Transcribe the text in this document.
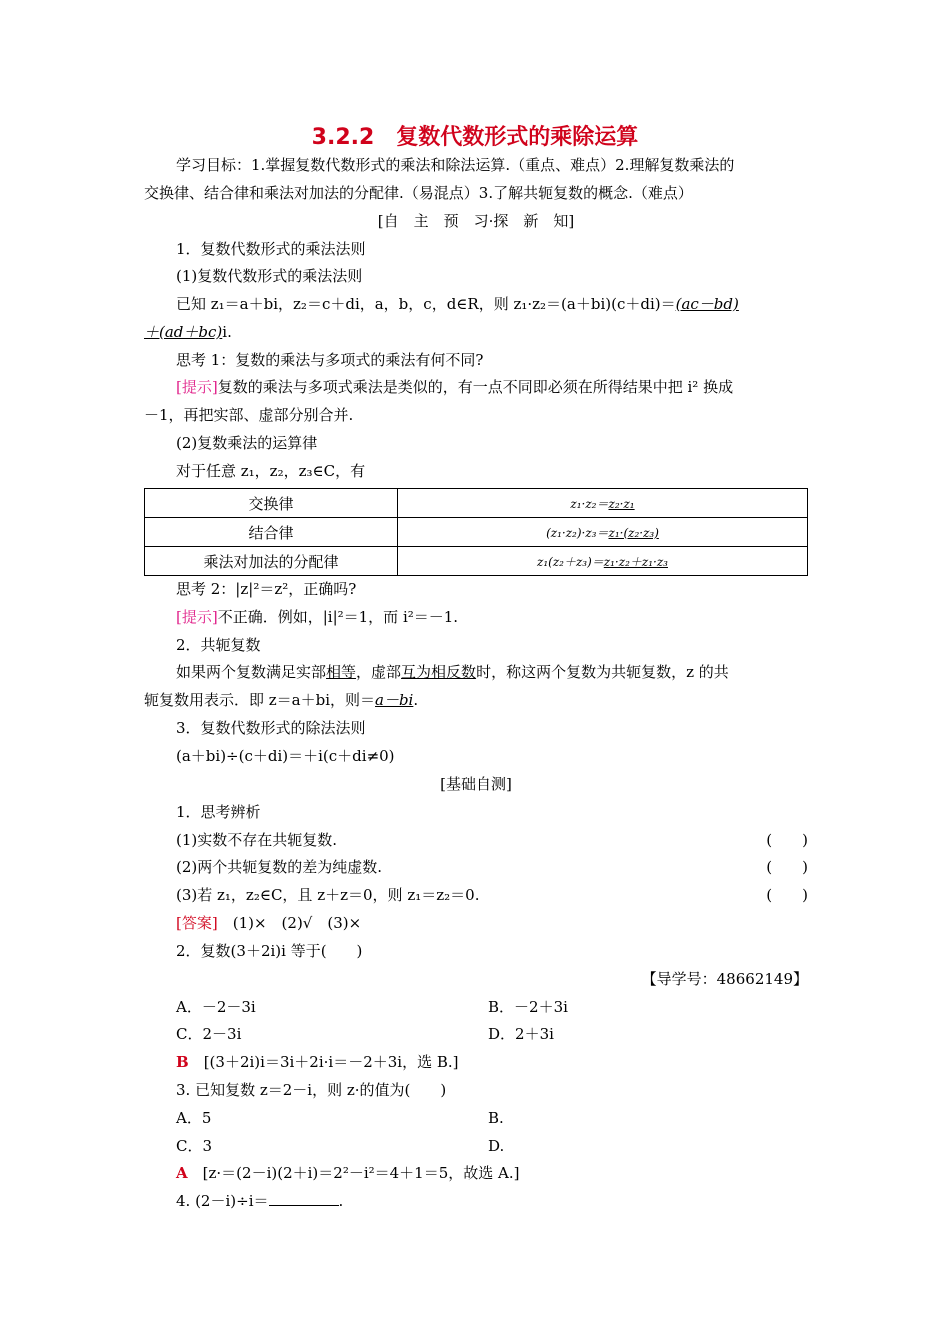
3.2.2　复数代数形式的乘除运算
学习目标：1.掌握复数代数形式的乘法和除法运算.（重点、难点）2.理解复数乘法的
交换律、结合律和乘法对加法的分配律.（易混点）3.了解共轭复数的概念.（难点）
[自　主　预　习·探　新　知]
1．复数代数形式的乘法法则
(1)复数代数形式的乘法法则
已知 z₁＝a＋bi，z₂＝c＋di，a，b，c，d∈R，则 z₁·z₂＝(a＋bi)(c＋di)＝(ac－bd)
＋(ad＋bc)i.
思考 1：复数的乘法与多项式的乘法有何不同?
[提示]复数的乘法与多项式乘法是类似的，有一点不同即必须在所得结果中把 i² 换成
－1，再把实部、虚部分别合并.
(2)复数乘法的运算律
对于任意 z₁，z₂，z₃∈C，有
交换律	z₁·z₂＝z₂·z₁
结合律	(z₁·z₂)·z₃＝z₁·(z₂·z₃)
乘法对加法的分配律	z₁(z₂＋z₃)＝z₁·z₂＋z₁·z₃
思考 2：|z|²＝z²，正确吗?
[提示]不正确．例如，|i|²＝1，而 i²＝－1.
2．共轭复数
如果两个复数满足实部相等，虚部互为相反数时，称这两个复数为共轭复数，z 的共
轭复数用表示．即 z＝a＋bi，则＝a－bi.
3．复数代数形式的除法法则
(a＋bi)÷(c＋di)＝＋i(c＋di≠0)
[基础自测]
1．思考辨析
(1)实数不存在共轭复数.	(　　)
(2)两个共轭复数的差为纯虚数.	(　　)
(3)若 z₁，z₂∈C，且 z＋z＝0，则 z₁＝z₂＝0.	(　　)
[答案]　 (1)×　(2)√　(3)×
2．复数(3＋2i)i 等于(　　)
【导学号：48662149】
A．－2－3i	B．－2＋3i
C．2－3i	D．2＋3i
B　 [(3＋2i)i＝3i＋2i·i＝－2＋3i，选 B.]
3. 已知复数 z＝2－i，则 z·的值为(　　)
A．5	B.
C．3	D.
A　 [z·＝(2－i)(2＋i)＝2²－i²＝4＋1＝5，故选 A.]
4. (2－i)÷i＝	.
